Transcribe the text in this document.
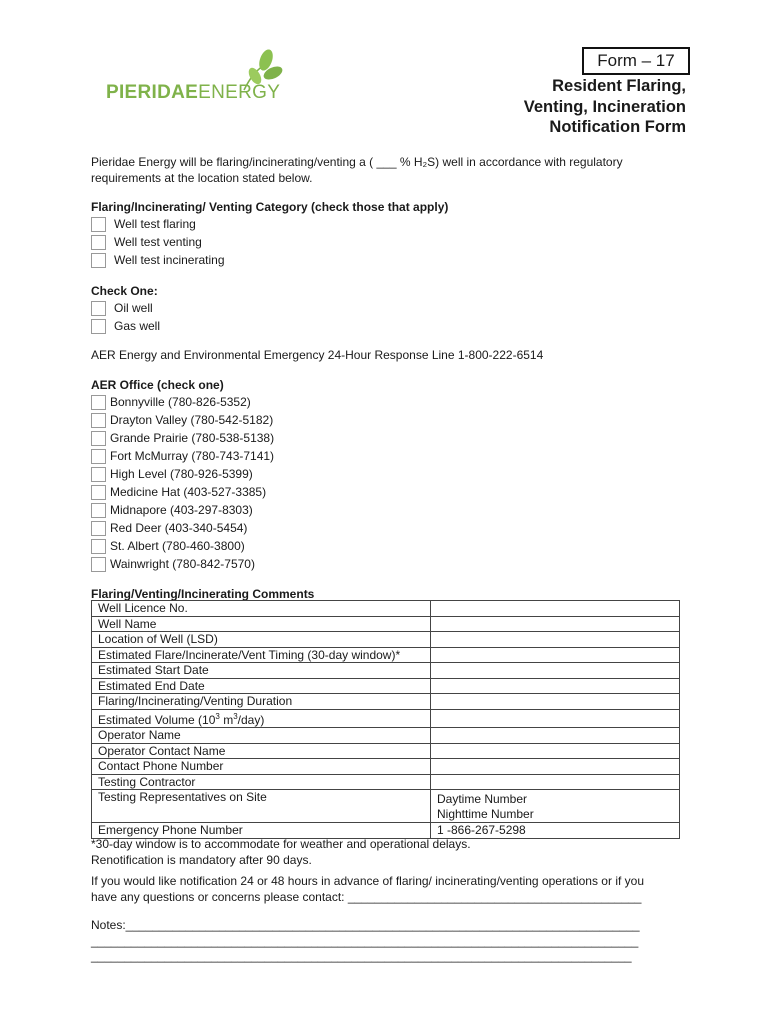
PIERIDAEENERGY
Form – 17
Resident Flaring,
Venting, Incineration
Notification Form
Pieridae Energy will be flaring/incinerating/venting a ( ___ % H₂S) well in accordance with regulatory
requirements at the location stated below.
Flaring/Incinerating/ Venting Category (check those that apply)
Well test flaring
Well test venting
Well test incinerating
Check One:
Oil well
Gas well
AER Energy and Environmental Emergency 24-Hour Response Line 1-800-222-6514
AER Office (check one)
Bonnyville (780-826-5352)
Drayton Valley (780-542-5182)
Grande Prairie (780-538-5138)
Fort McMurray (780-743-7141)
High Level (780-926-5399)
Medicine Hat (403-527-3385)
Midnapore (403-297-8303)
Red Deer (403-340-5454)
St. Albert (780-460-3800)
Wainwright (780-842-7570)
Flaring/Venting/Incinerating Comments
Well Licence No.	
Well Name	
Location of Well (LSD)	
Estimated Flare/Incinerate/Vent Timing (30-day window)*	
Estimated Start Date	
Estimated End Date	
Flaring/Incinerating/Venting Duration	
Estimated Volume ($10^3$ $m^3/day$)	
Operator Name	
Operator Contact Name	
Contact Phone Number	
Testing Contractor	
Testing Representatives on Site	Daytime Number
Nighttime Number

Emergency Phone Number	1 -866-267-5298
*30-day window is to accommodate for weather and operational delays.
Renotification is mandatory after 90 days.
If you would like notification 24 or 48 hours in advance of flaring/ incinerating/venting operations or if you
have any questions or concerns please contact: ____________________________________________
Notes:_____________________________________________________________________________
__________________________________________________________________________________
_________________________________________________________________________________
